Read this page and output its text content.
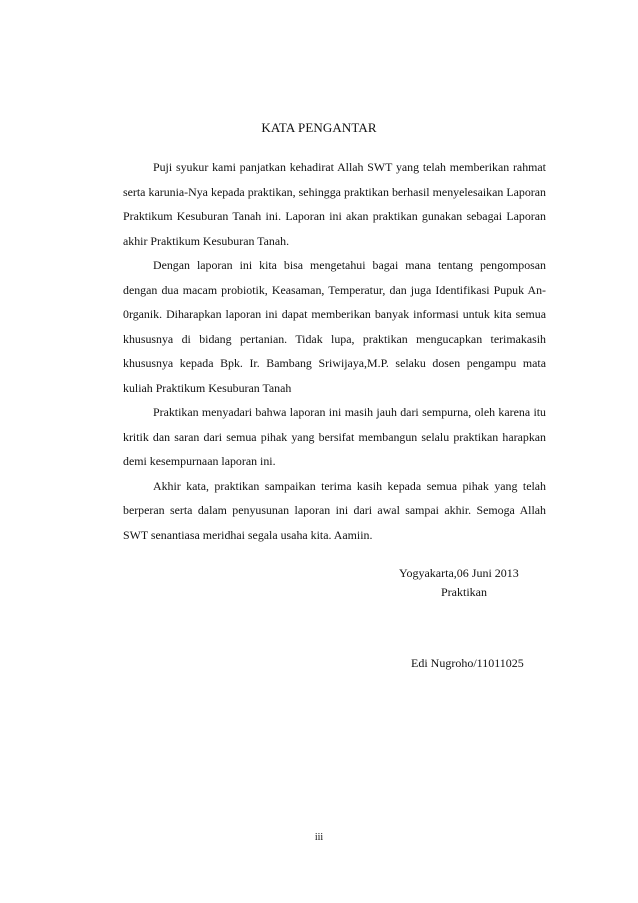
KATA PENGANTAR

Puji syukur kami panjatkan kehadirat Allah SWT yang telah memberikan rahmat serta karunia-Nya kepada praktikan, sehingga praktikan berhasil menyelesaikan Laporan Praktikum Kesuburan Tanah ini. Laporan ini akan praktikan gunakan sebagai Laporan akhir Praktikum Kesuburan Tanah.

Dengan laporan ini kita bisa mengetahui bagai mana tentang pengomposan dengan dua macam probiotik, Keasaman, Temperatur, dan juga Identifikasi Pupuk An-0rganik. Diharapkan laporan ini dapat memberikan banyak informasi untuk kita semua khususnya di bidang pertanian. Tidak lupa, praktikan mengucapkan terimakasih khususnya kepada Bpk. Ir. Bambang Sriwijaya,M.P. selaku dosen pengampu mata kuliah Praktikum Kesuburan Tanah

Praktikan menyadari bahwa laporan ini masih jauh dari sempurna, oleh karena itu kritik dan saran dari semua pihak yang bersifat membangun selalu praktikan harapkan demi kesempurnaan laporan ini.

Akhir kata, praktikan sampaikan terima kasih kepada semua pihak yang telah berperan serta dalam penyusunan laporan ini dari awal sampai akhir. Semoga Allah SWT senantiasa meridhai segala usaha kita. Aamiin.

Yogyakarta,06 Juni 2013
Praktikan
Edi Nugroho/11011025
iii
